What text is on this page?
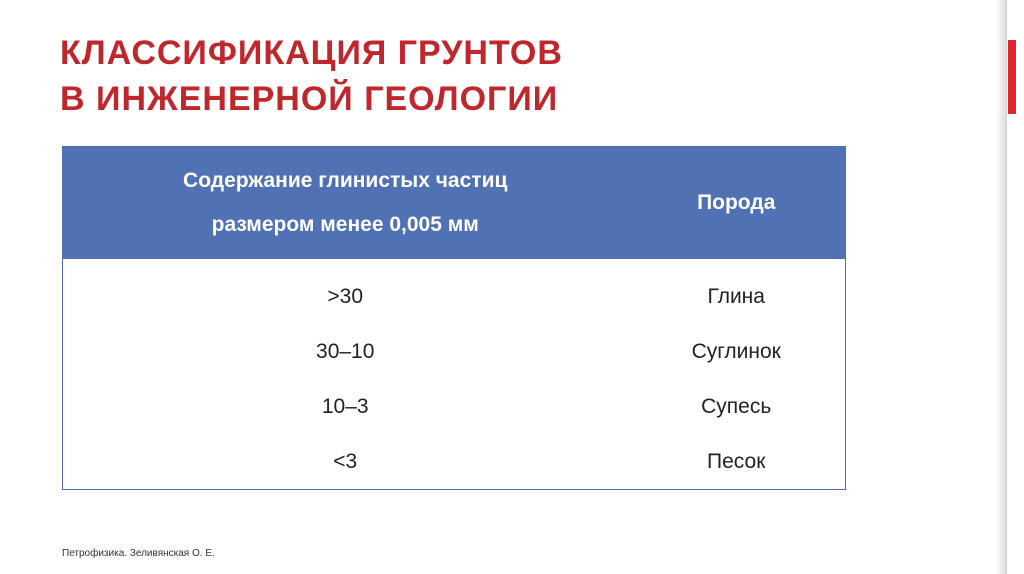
КЛАССИФИКАЦИЯ ГРУНТОВ
В ИНЖЕНЕРНОЙ ГЕОЛОГИИ
Содержание глинистых частиц
размером менее 0,005 мм	Порода
˃30	Глина
30–10	Суглинок
10–3	Супесь
<3	Песок
Петрофизика. Зеливянская О. Е.
